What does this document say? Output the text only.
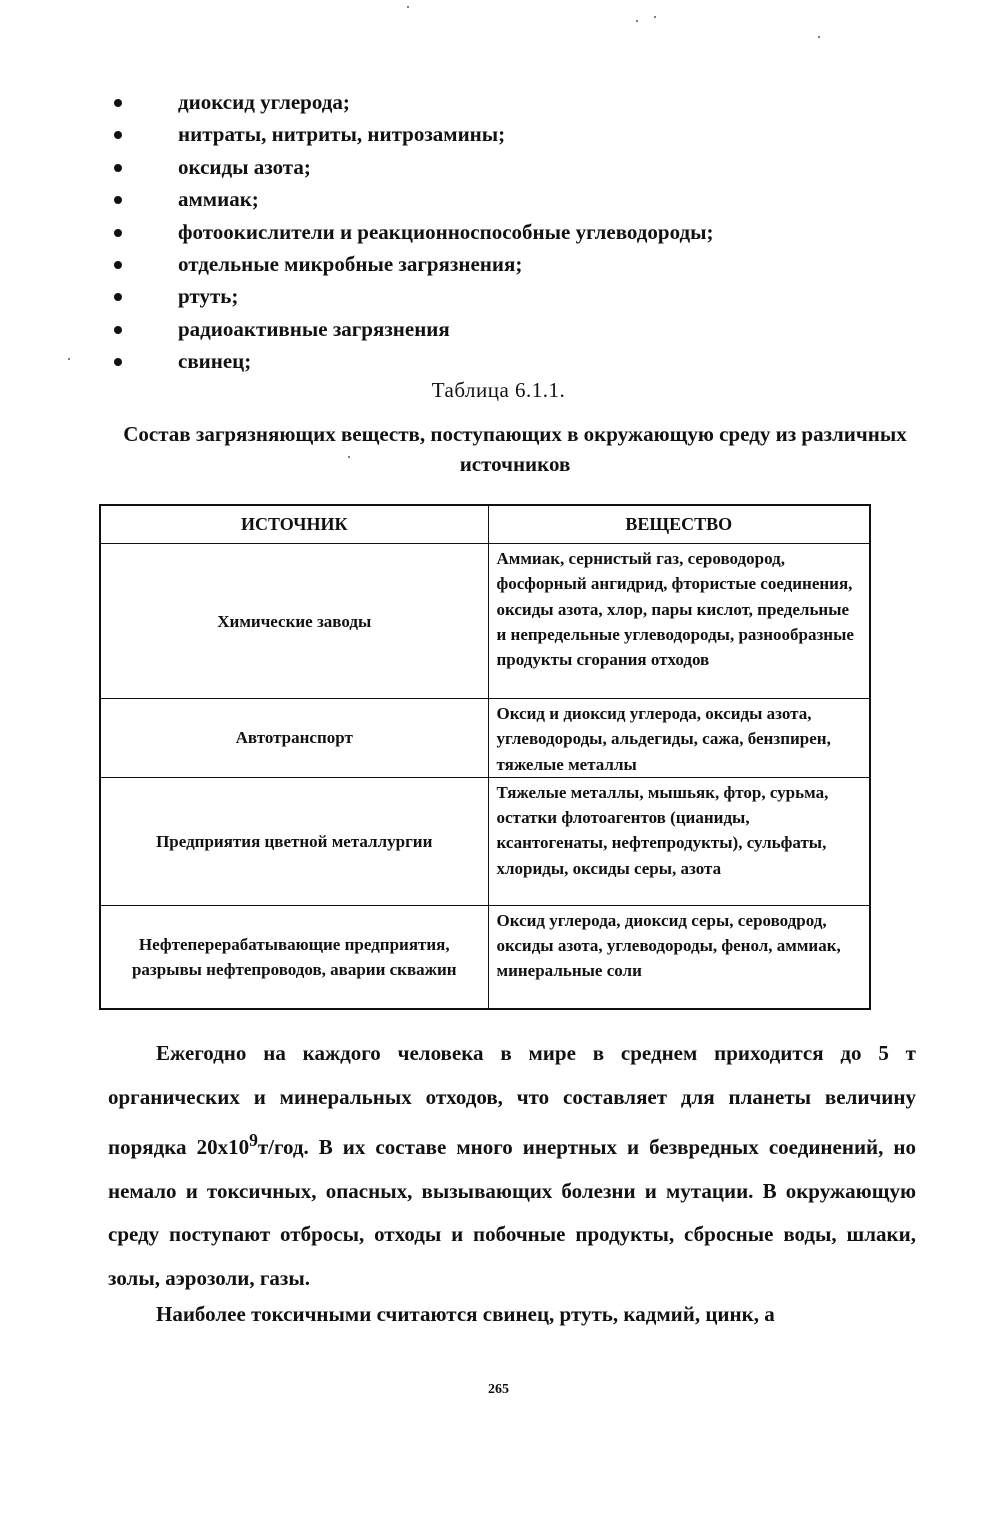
диоксид углерода;
нитраты, нитриты, нитрозамины;
оксиды азота;
аммиак;
фотоокислители и реакционноспособные углеводороды;
отдельные микробные загрязнения;
ртуть;
радиоактивные загрязнения
свинец;
Таблица 6.1.1.
Состав загрязняющих веществ, поступающих в окружающую среду из различных источников
ИСТОЧНИК	ВЕЩЕСТВО
Химические заводы	Аммиак, сернистый газ, сероводород, фосфорный ангидрид, фтористые соединения, оксиды азота, хлор, пары кислот, предельные и непредельные углеводороды, разнообразные продукты сгорания отходов
Автотранспорт	Оксид и диоксид углерода, оксиды азота, углеводороды, альдегиды, сажа, бензпирен, тяжелые металлы
Предприятия цветной металлургии	Тяжелые металлы, мышьяк, фтор, сурьма, остатки флотоагентов (цианиды, ксантогенаты, нефтепродукты), сульфаты, хлориды, оксиды серы, азота
Нефтеперерабатывающие предприятия, разрывы нефтепроводов, аварии скважин	Оксид углерода, диоксид серы, сероводрод, оксиды азота, углеводороды, фенол, аммиак, минеральные соли

Ежегодно на каждого человека в мире в среднем приходится до 5 т органических и минеральных отходов, что составляет для планеты величину порядка $20x10^9т$/год. В их составе много инертных и безвредных соединений, но немало и токсичных, опасных, вызывающих болезни и мутации. В окружающую среду поступают отбросы, отходы и побочные продукты, сбросные воды, шлаки, золы, аэрозоли, газы.

Наиболее токсичными считаются свинец, ртуть, кадмий, цинк, а

265
